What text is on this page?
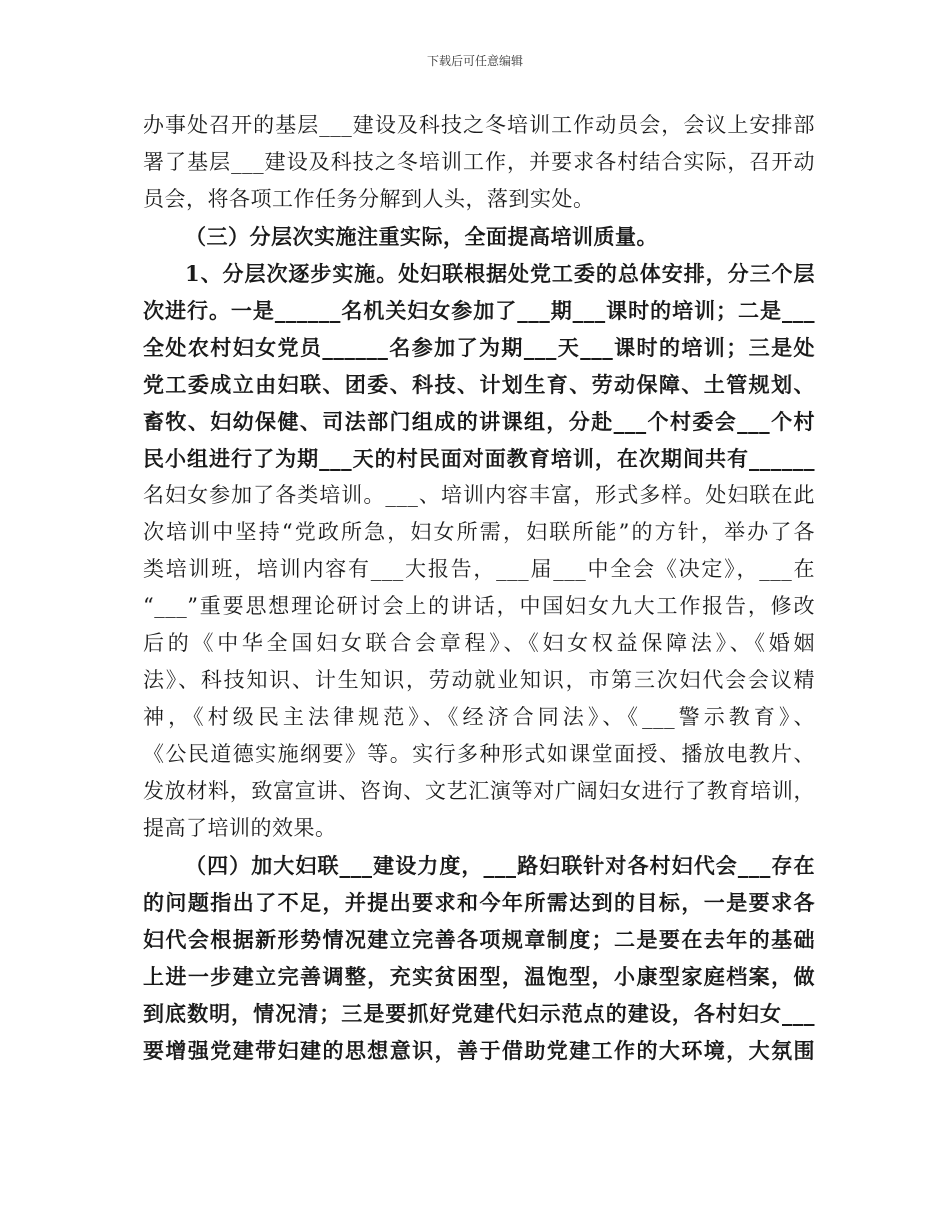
下载后可任意编辑
办事处召开的基层___建设及科技之冬培训工作动员会，会议上安排部
署了基层___建设及科技之冬培训工作，并要求各村结合实际，召开动
员会，将各项工作任务分解到人头，落到实处。
（三）分层次实施注重实际，全面提高培训质量。
1、分层次逐步实施。处妇联根据处党工委的总体安排，分三个层
次进行。一是______名机关妇女参加了___期___课时的培训；二是___
全处农村妇女党员______名参加了为期___天___课时的培训；三是处
党工委成立由妇联、团委、科技、计划生育、劳动保障、土管规划、
畜牧、妇幼保健、司法部门组成的讲课组，分赴___个村委会___个村
民小组进行了为期___天的村民面对面教育培训，在次期间共有______
名妇女参加了各类培训。___、培训内容丰富，形式多样。处妇联在此
次培训中坚持“党政所急，妇女所需，妇联所能”的方针，举办了各
类培训班，培训内容有___大报告，___届___中全会《决定》，___在
“___”重要思想理论研讨会上的讲话，中国妇女九大工作报告，修改
后的《中华全国妇女联合会章程》、《妇女权益保障法》、《婚姻
法》、科技知识、计生知识，劳动就业知识，市第三次妇代会会议精
神，《村级民主法律规范》、《经济合同法》、《___警示教育》、
《公民道德实施纲要》等。实行多种形式如课堂面授、播放电教片、
发放材料，致富宣讲、咨询、文艺汇演等对广阔妇女进行了教育培训，
提高了培训的效果。
（四）加大妇联___建设力度，___路妇联针对各村妇代会___存在
的问题指出了不足，并提出要求和今年所需达到的目标，一是要求各
妇代会根据新形势情况建立完善各项规章制度；二是要在去年的基础
上进一步建立完善调整，充实贫困型，温饱型，小康型家庭档案，做
到底数明，情况清；三是要抓好党建代妇示范点的建设，各村妇女___
要增强党建带妇建的思想意识，善于借助党建工作的大环境，大氛围
